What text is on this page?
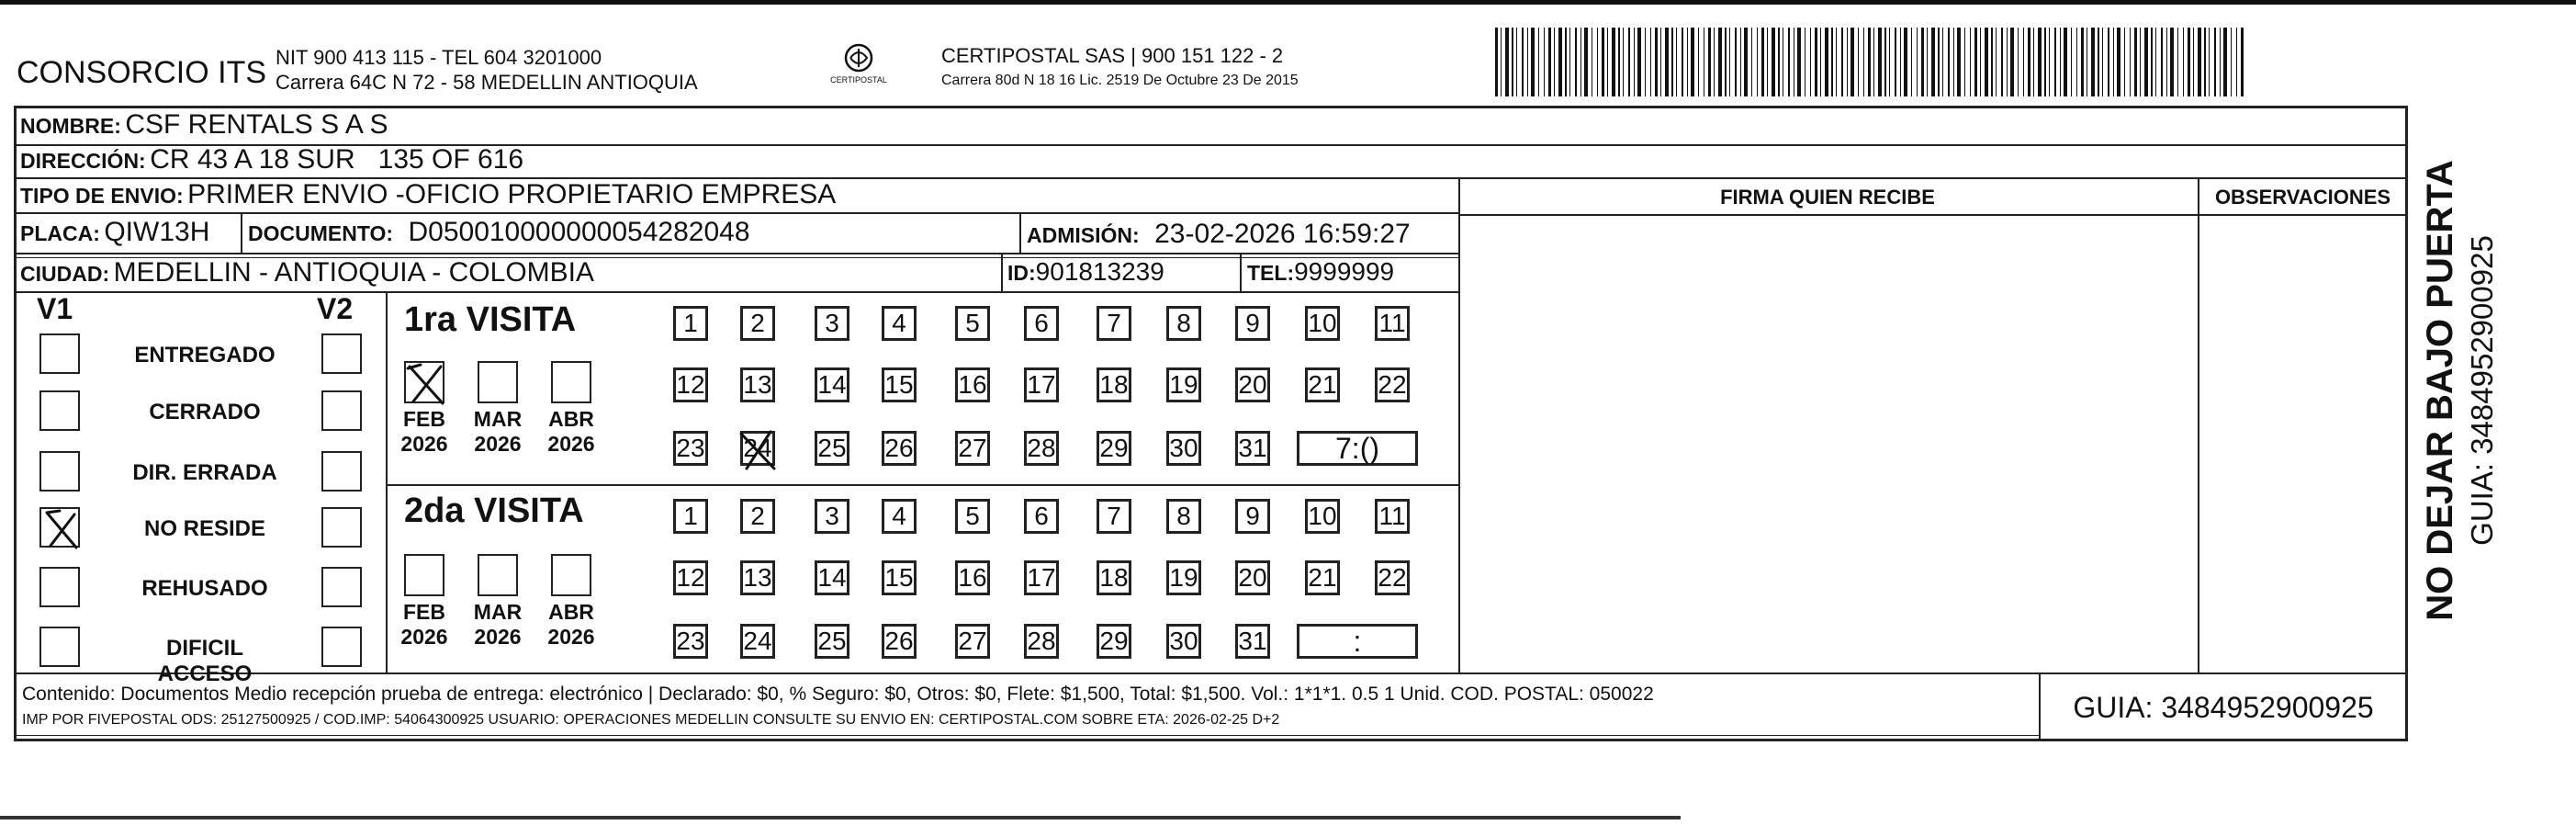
CONSORCIO ITS NIT 900 413 115 - TEL 604 3201000
Carrera 64C N 72 - 58 MEDELLIN ANTIOQUIA	CERTIPOSTAL
CERTIPOSTAL SAS | 900 151 122 - 2
Carrera 80d N 18 16 Lic. 2519 De Octubre 23 De 2015
NOMBRE: CSF RENTALS S A S
DIRECCIÓN: CR 43 A 18 SUR   135 OF 616
TIPO DE ENVIO: PRIMER ENVIO -OFICIO PROPIETARIO EMPRESA	FIRMA QUIEN RECIBE	OBSERVACIONES
PLACA: QIW13H DOCUMENTO: D050010000000054282048	ADMISIÓN: 23-02-2026 16:59:27
CIUDAD: MEDELLIN - ANTIOQUIA - COLOMBIA	ID:901813239	TEL:9999999
V1	V2
ENTREGADO
CERRADO
DIR. ERRADA
NO RESIDE
REHUSADO
DIFICIL ACCESO
1ra VISITA
2da VISITA
FEB
2026
MAR
2026
ABR
2026
1	2	3	4	5	6	7	8	9	10 11
12 13 14 15 16 17 18 19 20 21 22
23 24 25 26 27 28 29 30 31	7:()
FEB
2026
MAR
2026
ABR
2026
1	2	3	4	5	6	7	8	9	10 11
12 13 14 15 16 17 18 19 20 21 22
23 24 25 26 27 28 29 30 31	:
Contenido: Documentos Medio recepción prueba de entrega: electrónico | Declarado: $0, % Seguro: $0, Otros: $0, Flete: $1,500, Total: $1,500. Vol.: 1*1*1. 0.5 1 Unid. COD. POSTAL: 050022
IMP POR FIVEPOSTAL ODS: 25127500925 / COD.IMP: 54064300925 USUARIO: OPERACIONES MEDELLIN CONSULTE SU ENVIO EN: CERTIPOSTAL.COM SOBRE ETA: 2026-02-25 D+2	GUIA: 3484952900925
NO DEJAR BAJO PUERTA GUIA: 3484952900925
